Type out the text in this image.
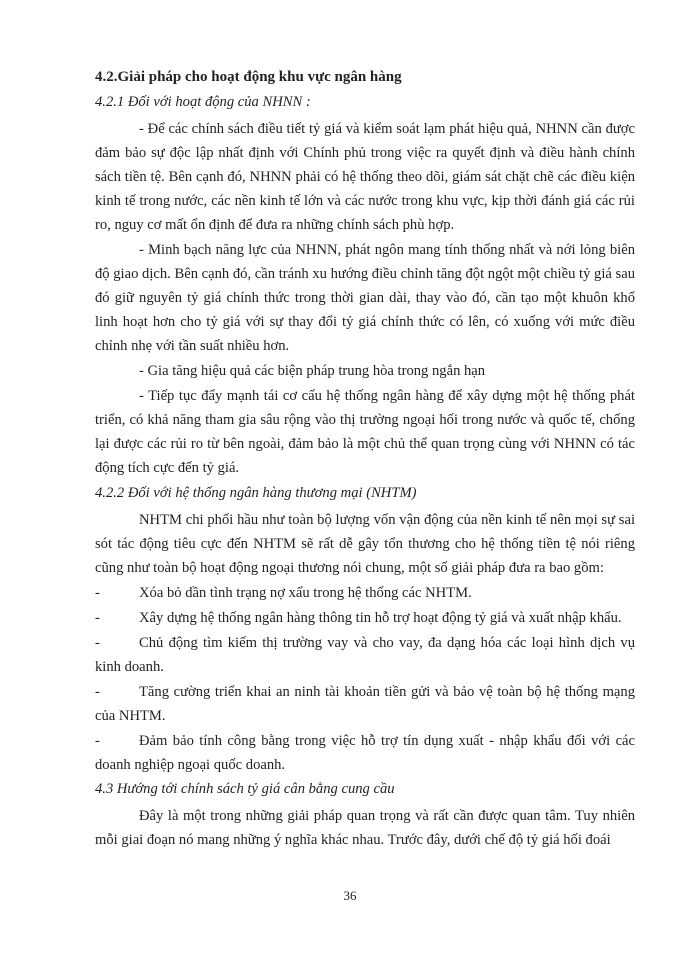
4.2.Giải pháp cho hoạt động khu vực ngân hàng
4.2.1 Đối với hoạt động của NHNN :
- Để các chính sách điều tiết tỷ giá và kiểm soát lạm phát hiệu quả, NHNN cần được đảm bảo sự độc lập nhất định với Chính phủ trong việc ra quyết định và điều hành chính sách tiền tệ. Bên cạnh đó, NHNN phải có hệ thống theo dõi, giám sát chặt chẽ các điều kiện kinh tế trong nước, các nền kinh tế lớn và các nước trong khu vực, kịp thời đánh giá các rủi ro, nguy cơ mất ổn định để đưa ra những chính sách phù hợp.
- Minh bạch năng lực của NHNN, phát ngôn mang tính thống nhất và nới lỏng biên độ giao dịch. Bên cạnh đó, cần tránh xu hướng điều chỉnh tăng đột ngột một chiều tỷ giá sau đó giữ nguyên tỷ giá chính thức trong thời gian dài, thay vào đó, cần tạo một khuôn khổ linh hoạt hơn cho tỷ giá với sự thay đổi tỷ giá chính thức có lên, có xuống với mức điều chỉnh nhẹ với tần suất nhiều hơn.
- Gia tăng hiệu quả các biện pháp trung hòa trong ngắn hạn
- Tiếp tục đẩy mạnh tái cơ cấu hệ thống ngân hàng để xây dựng một hệ thống phát triển, có khả năng tham gia sâu rộng vào thị trường ngoại hối trong nước và quốc tế, chống lại được các rủi ro từ bên ngoài, đảm bảo là một chủ thể quan trọng cùng với NHNN có tác động tích cực đến tỷ giá.
4.2.2 Đối với hệ thống ngân hàng thương mại (NHTM)
NHTM chi phối hầu như toàn bộ lượng vốn vận động của nền kinh tế nên mọi sự sai sót tác động tiêu cực đến NHTM sẽ rất dễ gây tổn thương cho hệ thống tiền tệ nói riêng cũng như toàn bộ hoạt động ngoại thương nói chung, một số giải pháp đưa ra bao gồm:
-	Xóa bỏ dần tình trạng nợ xấu trong hệ thống các NHTM.
-	Xây dựng hệ thống ngân hàng thông tin hỗ trợ hoạt động tỷ giá và xuất nhập khẩu.
-	Chủ động tìm kiếm thị trường vay và cho vay, đa dạng hóa các loại hình dịch vụ kinh doanh.
-	Tăng cường triển khai an ninh tài khoản tiền gửi và bảo vệ toàn bộ hệ thống mạng của NHTM.
-	Đảm bảo tính công bằng trong việc hỗ trợ tín dụng xuất - nhập khẩu đối với các doanh nghiệp ngoại quốc doanh.
4.3 Hướng tới chính sách tỷ giá cân bằng cung cầu
Đây là một trong những giải pháp quan trọng và rất cần được quan tâm. Tuy nhiên mỗi giai đoạn nó mang những ý nghĩa khác nhau. Trước đây, dưới chế độ tỷ giá hối đoái
36
